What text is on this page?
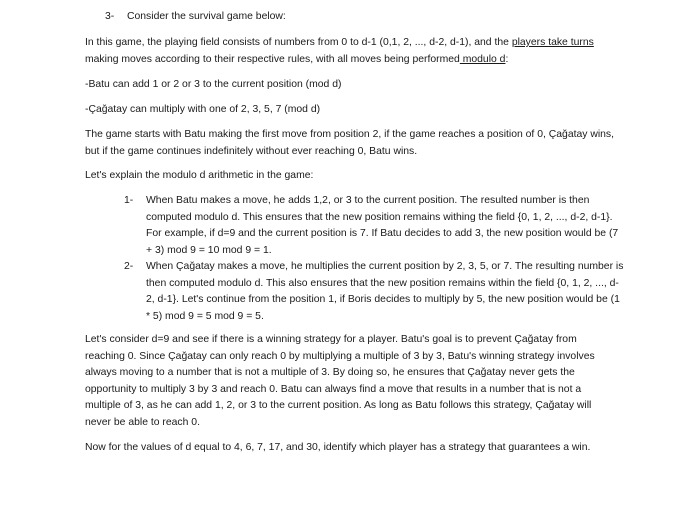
3- Consider the survival game below:
In this game, the playing field consists of numbers from 0 to d-1 (0,1, 2, ..., d-2, d-1), and the players take turns making moves according to their respective rules, with all moves being performed modulo d:
-Batu can add 1 or 2 or 3 to the current position (mod d)
-Çağatay can multiply with one of 2, 3, 5, 7 (mod d)
The game starts with Batu making the first move from position 2, if the game reaches a position of 0, Çağatay wins, but if the game continues indefinitely without ever reaching 0, Batu wins.
Let's explain the modulo d arithmetic in the game:
1- When Batu makes a move, he adds 1,2, or 3 to the current position. The resulted number is then computed modulo d. This ensures that the new position remains withing the field {0, 1, 2, ..., d-2, d-1}. For example, if d=9 and the current position is 7. If Batu decides to add 3, the new position would be (7 + 3) mod 9 = 10 mod 9 = 1.
2- When Çağatay makes a move, he multiplies the current position by 2, 3, 5, or 7. The resulting number is then computed modulo d. This also ensures that the new position remains within the field {0, 1, 2, ..., d-2, d-1}. Let's continue from the position 1, if Boris decides to multiply by 5, the new position would be (1 * 5) mod 9 = 5 mod 9 = 5.
Let's consider d=9 and see if there is a winning strategy for a player. Batu's goal is to prevent Çağatay from reaching 0. Since Çağatay can only reach 0 by multiplying a multiple of 3 by 3, Batu's winning strategy involves always moving to a number that is not a multiple of 3. By doing so, he ensures that Çağatay never gets the opportunity to multiply 3 by 3 and reach 0. Batu can always find a move that results in a number that is not a multiple of 3, as he can add 1, 2, or 3 to the current position. As long as Batu follows this strategy, Çağatay will never be able to reach 0.
Now for the values of d equal to 4, 6, 7, 17, and 30, identify which player has a strategy that guarantees a win.
